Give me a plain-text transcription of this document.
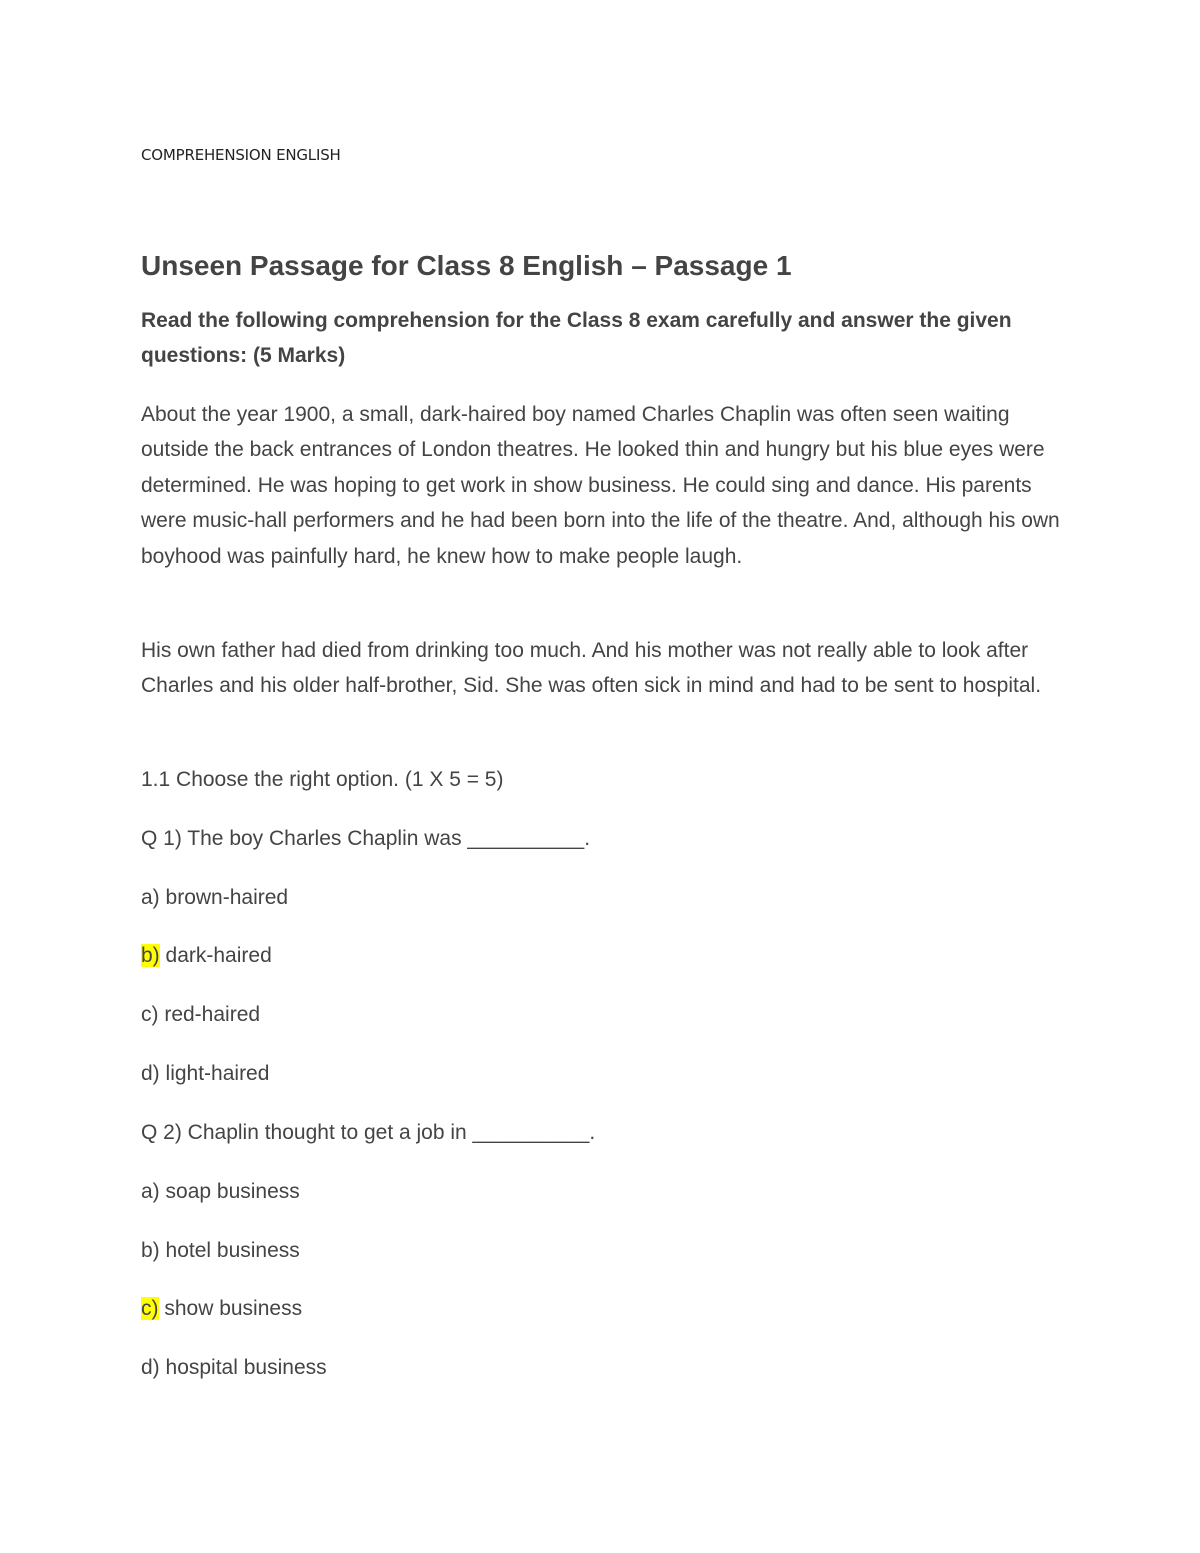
COMPREHENSION ENGLISH
Unseen Passage for Class 8 English – Passage 1

Read the following comprehension for the Class 8 exam carefully and answer the given questions: (5 Marks)

About the year 1900, a small, dark-haired boy named Charles Chaplin was often seen waiting outside the back entrances of London theatres. He looked thin and hungry but his blue eyes were determined. He was hoping to get work in show business. He could sing and dance. His parents were music-hall performers and he had been born into the life of the theatre. And, although his own boyhood was painfully hard, he knew how to make people laugh.

His own father had died from drinking too much. And his mother was not really able to look after Charles and his older half-brother, Sid. She was often sick in mind and had to be sent to hospital.

1.1 Choose the right option. (1 X 5 = 5)

Q 1) The boy Charles Chaplin was __________.

a) brown-haired

b) dark-haired

c) red-haired

d) light-haired

Q 2) Chaplin thought to get a job in __________.

a) soap business

b) hotel business

c) show business

d) hospital business
